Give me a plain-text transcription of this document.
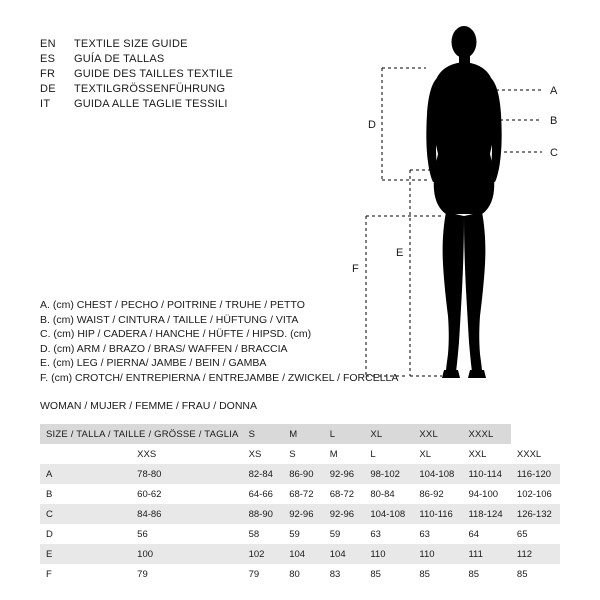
EN	TEXTILE SIZE GUIDE
ES	GUÍA DE TALLAS
FR	GUIDE DES TAILLES TEXTILE
DE	TEXTILGRÖSSENFÜHRUNG
IT	GUIDA ALLE TAGLIE TESSILI
A
B
C
D
E
F
A. (cm) CHEST / PECHO / POITRINE / TRUHE / PETTO
B. (cm) WAIST / CINTURA / TAILLE / HÜFTUNG / VITA
C. (cm) HIP / CADERA / HANCHE / HÜFTE / HIPSD. (cm)
D. (cm) ARM / BRAZO / BRAS/ WAFFEN / BRACCIA
E. (cm) LEG / PIERNA/ JAMBE / BEIN / GAMBA
F. (cm) CROTCH/ ENTREPIERNA / ENTREJAMBE / ZWICKEL / FORCELLA
WOMAN / MUJER / FEMME / FRAU / DONNA
SIZE / TALLA / TAILLE / GRÖSSE / TAGLIA		S	M	L	XL	XXL	XXXL	
	XXS	XS	S	M	L	XL	XXL	XXXL
A	78-80	82-84	86-90	92-96	98-102	104-108	110-114	116-120
B	60-62	64-66	68-72	68-72	80-84	86-92	94-100	102-106
C	84-86	88-90	92-96	92-96	104-108	110-116	118-124	126-132
D	56	58	59	59	63	63	64	65
E	100	102	104	104	110	110	111	112
F	79	79	80	83	85	85	85	85
